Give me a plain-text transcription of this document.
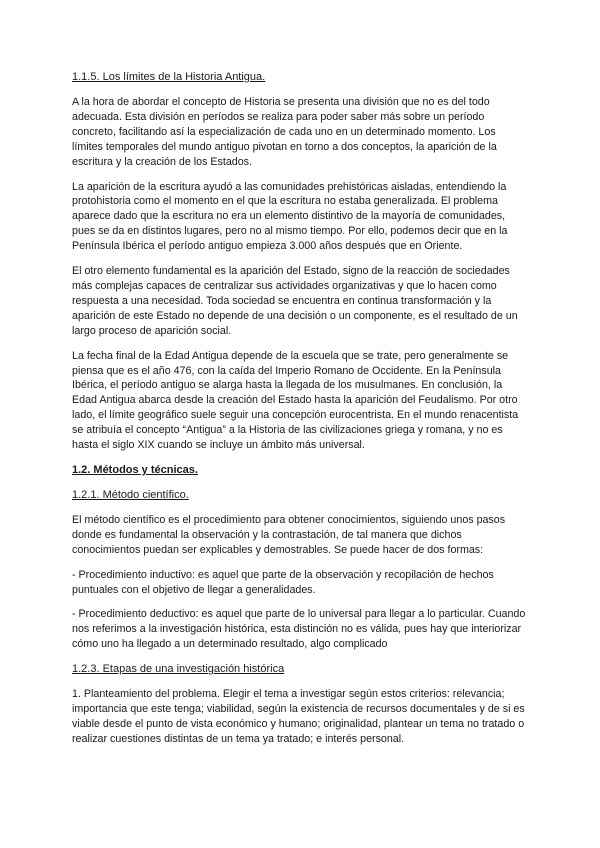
1.1.5. Los límites de la Historia Antigua.

A la hora de abordar el concepto de Historia se presenta una división que no es del todo adecuada. Esta división en períodos se realiza para poder saber más sobre un período concreto, facilitando así la especialización de cada uno en un determinado momento. Los límites temporales del mundo antiguo pivotan en torno a dos conceptos, la aparición de la escritura y la creación de los Estados.

La aparición de la escritura ayudó a las comunidades prehistóricas aisladas, entendiendo la protohistoria como el momento en el que la escritura no estaba generalizada. El problema aparece dado que la escritura no era un elemento distintivo de la mayoría de comunidades, pues se da en distintos lugares, pero no al mismo tiempo. Por ello, podemos decir que en la Península Ibérica el período antiguo empieza 3.000 años después que en Oriente.

El otro elemento fundamental es la aparición del Estado, signo de la reacción de sociedades más complejas capaces de centralizar sus actividades organizativas y que lo hacen como respuesta a una necesidad. Toda sociedad se encuentra en continua transformación y la aparición de este Estado no depende de una decisión o un componente, es el resultado de un largo proceso de aparición social.

La fecha final de la Edad Antigua depende de la escuela que se trate, pero generalmente se piensa que es el año 476, con la caída del Imperio Romano de Occidente. En la Península Ibérica, el período antiguo se alarga hasta la llegada de los musulmanes. En conclusión, la Edad Antigua abarca desde la creación del Estado hasta la aparición del Feudalismo. Por otro lado, el límite geográfico suele seguir una concepción eurocentrista. En el mundo renacentista se atribuía el concepto “Antigua” a la Historia de las civilizaciones griega y romana, y no es hasta el siglo XIX cuando se incluye un ámbito más universal.

1.2. Métodos y técnicas.
1.2.1. Método científico.

El método científico es el procedimiento para obtener conocimientos, siguiendo unos pasos donde es fundamental la observación y la contrastación, de tal manera que dichos conocimientos puedan ser explicables y demostrables. Se puede hacer de dos formas:

- Procedimiento inductivo: es aquel que parte de la observación y recopilación de hechos puntuales con el objetivo de llegar a generalidades.

- Procedimiento deductivo: es aquel que parte de lo universal para llegar a lo particular. Cuando nos referimos a la investigación histórica, esta distinción no es válida, pues hay que interiorizar cómo uno ha llegado a un determinado resultado, algo complicado

1.2.3. Etapas de una investigación histórica

1. Planteamiento del problema. Elegir el tema a investigar según estos criterios: relevancia; importancia que este tenga; viabilidad, según la existencia de recursos documentales y de si es viable desde el punto de vista económico y humano; originalidad, plantear un tema no tratado o realizar cuestiones distintas de un tema ya tratado; e interés personal.
